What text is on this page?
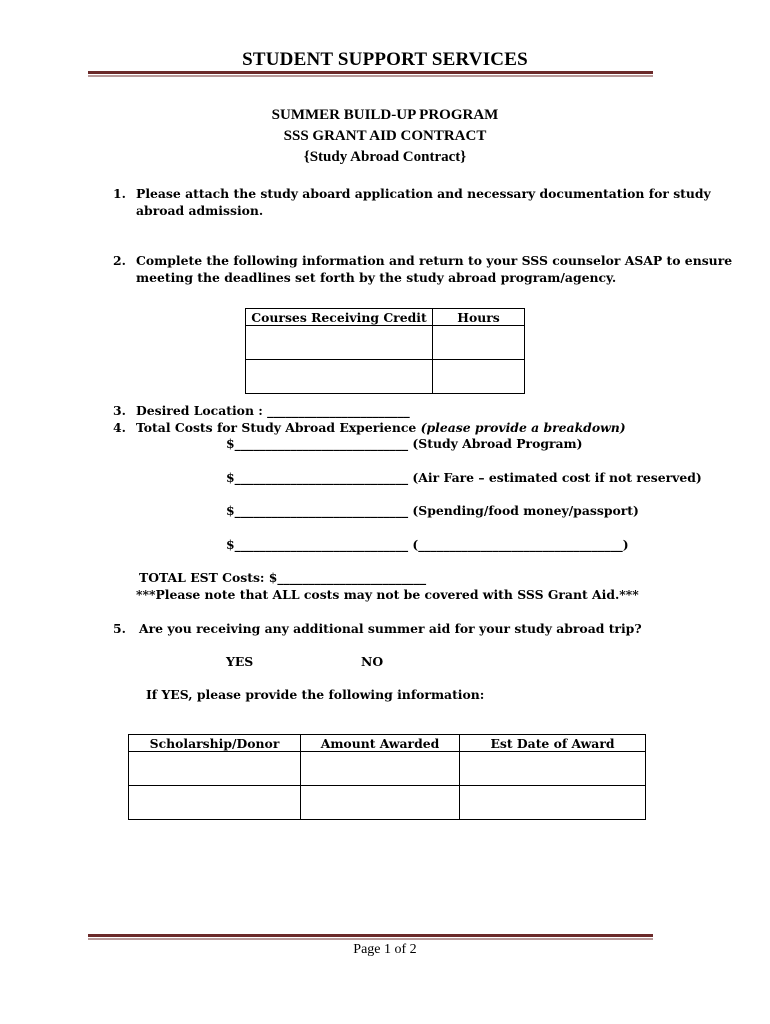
STUDENT SUPPORT SERVICES
SUMMER BUILD-UP PROGRAM
SSS GRANT AID CONTRACT
{Study Abroad Contract}
1. Please attach the study aboard application and necessary documentation for study
abroad admission.
2. Complete the following information and return to your SSS counselor ASAP to ensure
meeting the deadlines set forth by the study abroad program/agency.
Courses Receiving Credit	Hours

3. Desired Location : _______________________
4. Total Costs for Study Abroad Experience (please provide a breakdown)
$____________________________ (Study Abroad Program)
$____________________________ (Air Fare – estimated cost if not reserved)
$____________________________ (Spending/food money/passport)
$____________________________ (_________________________________)
TOTAL EST Costs: $________________________
***Please note that ALL costs may not be covered with SSS Grant Aid.***
5. Are you receiving any additional summer aid for your study abroad trip?
YES	NO
If YES, please provide the following information:
Scholarship/Donor	Amount Awarded	Est Date of Award

Page 1 of 2
